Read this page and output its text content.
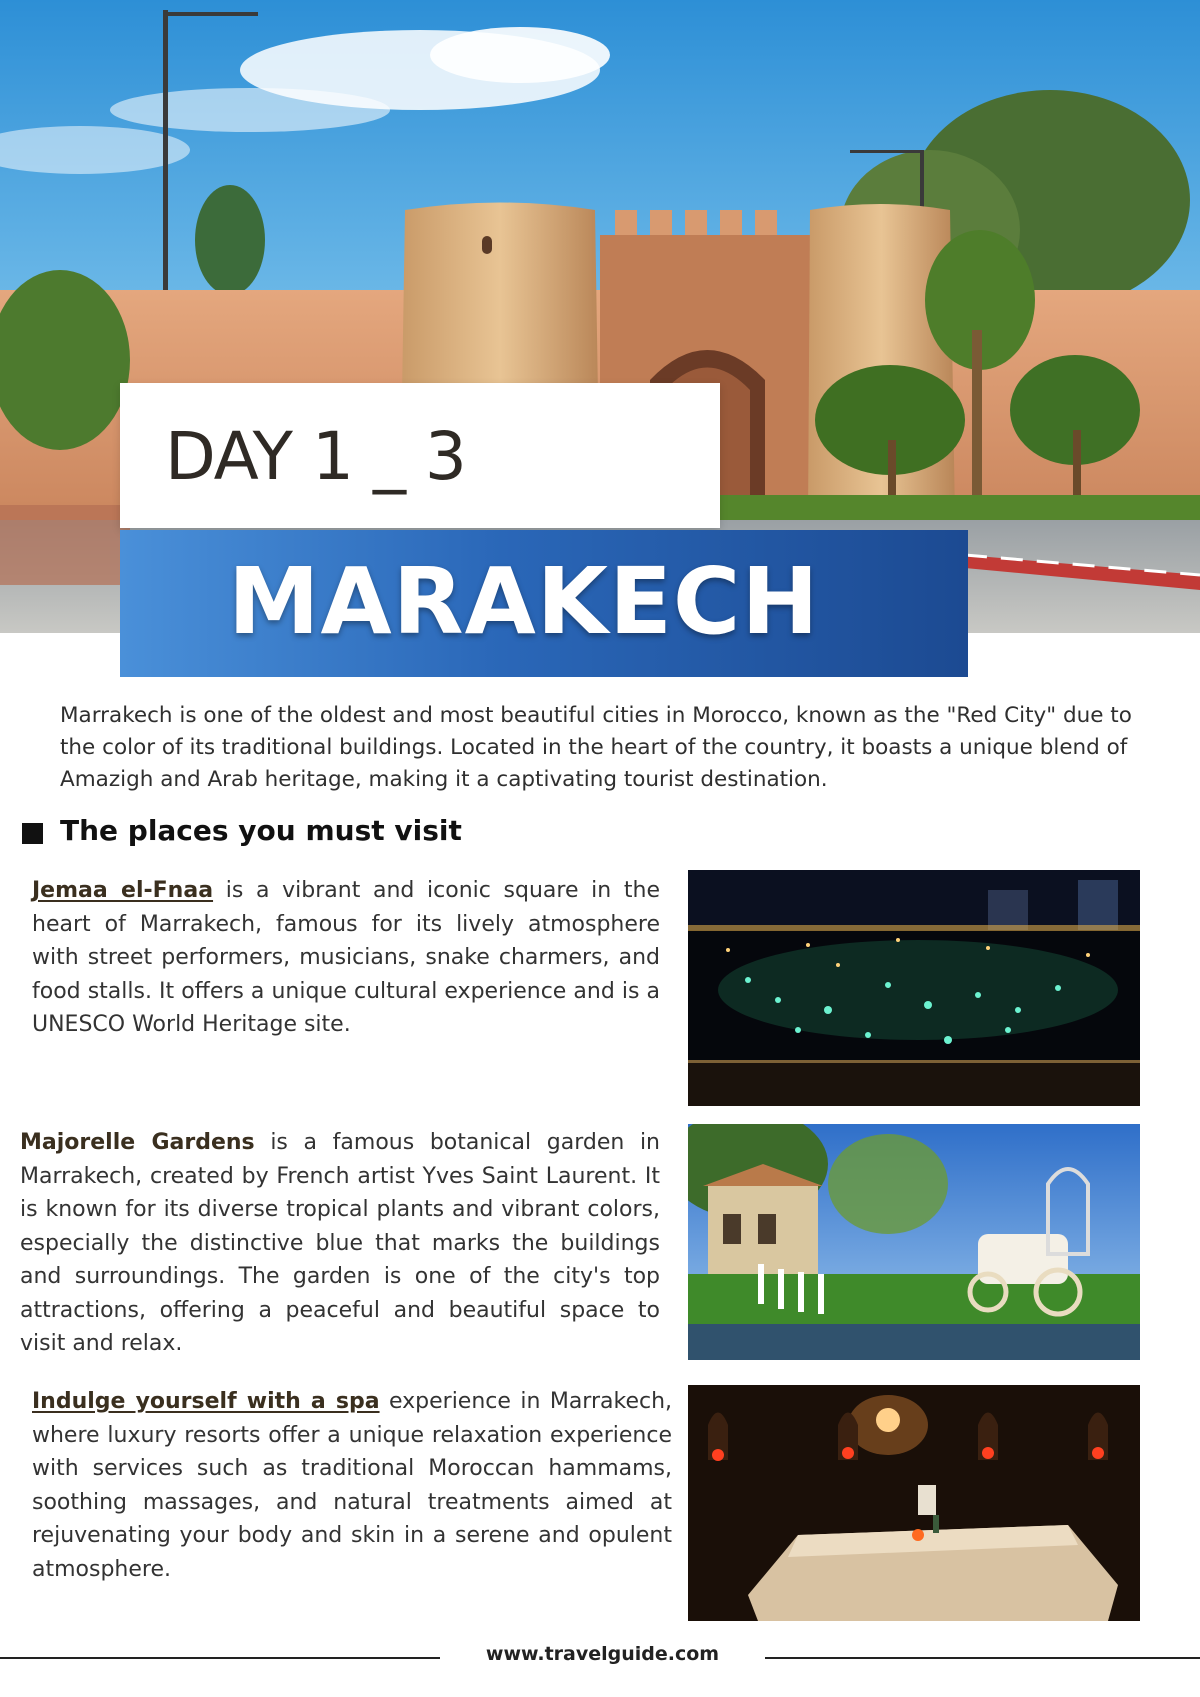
DAY 1 _ 3
MARAKECH

Marrakech is one of the oldest and most beautiful cities in Morocco, known as the "Red City" due to the color of its traditional buildings. Located in the heart of the country, it boasts a unique blend of Amazigh and Arab heritage, making it a captivating tourist destination.

The places you must visit

Jemaa el-Fnaa is a vibrant and iconic square in the heart of Marrakech, famous for its lively atmosphere with street performers, musicians, snake charmers, and food stalls. It offers a unique cultural experience and is a UNESCO World Heritage site.

Majorelle Gardens is a famous botanical garden in Marrakech, created by French artist Yves Saint Laurent. It is known for its diverse tropical plants and vibrant colors, especially the distinctive blue that marks the buildings and surroundings. The garden is one of the city's top attractions, offering a peaceful and beautiful space to visit and relax.

Indulge yourself with a spa experience in Marrakech, where luxury resorts offer a unique relaxation experience with services such as traditional Moroccan hammams, soothing massages, and natural treatments aimed at rejuvenating your body and skin in a serene and opulent atmosphere.

www.travelguide.com
